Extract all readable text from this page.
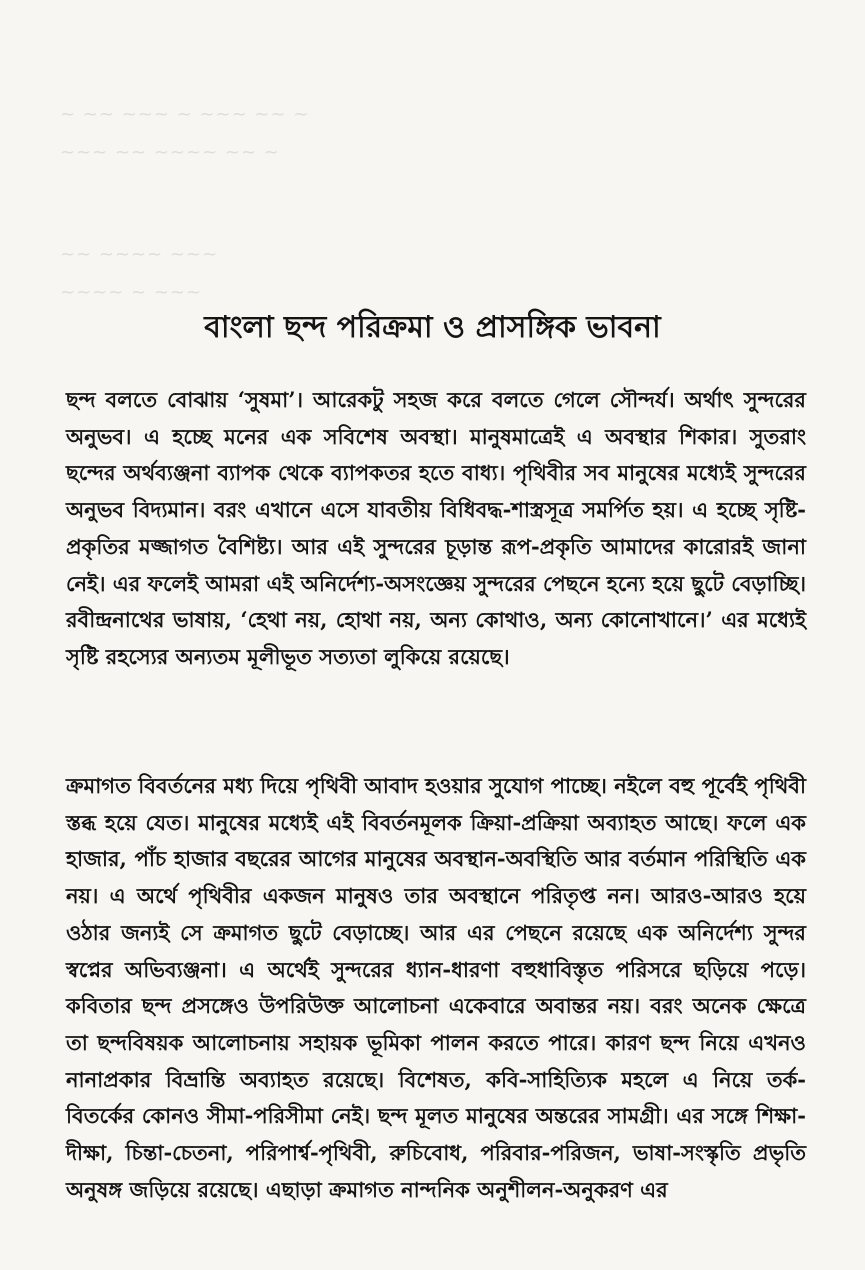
~ ~~ ~~~ ~ ~~~ ~~ ~
~~~ ~~ ~~~~ ~~ ~
~~ ~~~~ ~~~
~~~~ ~ ~~~
বাংলা ছন্দ পরিক্রমা ও প্রাসঙ্গিক ভাবনা

ছন্দ বলতে বোঝায় ‘সুষমা’। আরেকটু সহজ করে বলতে গেলে সৌন্দর্য। অর্থাৎ সুন্দরের অনুভব। এ হচ্ছে মনের এক সবিশেষ অবস্থা। মানুষমাত্রেই এ অবস্থার শিকার। সুতরাং ছন্দের অর্থব্যঞ্জনা ব্যাপক থেকে ব্যাপকতর হতে বাধ্য। পৃথিবীর সব মানুষের মধ্যেই সুন্দরের অনুভব বিদ্যমান। বরং এখানে এসে যাবতীয় বিধিবদ্ধ-শাস্ত্রসূত্র সমর্পিত হয়। এ হচ্ছে সৃষ্টি-প্রকৃতির মজ্জাগত বৈশিষ্ট্য। আর এই সুন্দরের চূড়ান্ত রূপ-প্রকৃতি আমাদের কারোরই জানা নেই। এর ফলেই আমরা এই অনির্দেশ্য-অসংজ্ঞেয় সুন্দরের পেছনে হন্যে হয়ে ছুটে বেড়াচ্ছি। রবীন্দ্রনাথের ভাষায়, ‘হেথা নয়, হোথা নয়, অন্য কোথাও, অন্য কোনোখানে।’ এর মধ্যেই সৃষ্টি রহস্যের অন্যতম মূলীভূত সত্যতা লুকিয়ে রয়েছে।

ক্রমাগত বিবর্তনের মধ্য দিয়ে পৃথিবী আবাদ হওয়ার সুযোগ পাচ্ছে। নইলে বহু পূর্বেই পৃথিবী স্তব্ধ হয়ে যেত। মানুষের মধ্যেই এই বিবর্তনমূলক ক্রিয়া-প্রক্রিয়া অব্যাহত আছে। ফলে এক হাজার, পাঁচ হাজার বছরের আগের মানুষের অবস্থান-অবস্থিতি আর বর্তমান পরিস্থিতি এক নয়। এ অর্থে পৃথিবীর একজন মানুষও তার অবস্থানে পরিতৃপ্ত নন। আরও-আরও হয়ে ওঠার জন্যই সে ক্রমাগত ছুটে বেড়াচ্ছে। আর এর পেছনে রয়েছে এক অনির্দেশ্য সুন্দর স্বপ্নের অভিব্যঞ্জনা। এ অর্থেই সুন্দরের ধ্যান-ধারণা বহুধাবিস্তৃত পরিসরে ছড়িয়ে পড়ে। কবিতার ছন্দ প্রসঙ্গেও উপরিউক্ত আলোচনা একেবারে অবান্তর নয়। বরং অনেক ক্ষেত্রে তা ছন্দবিষয়ক আলোচনায় সহায়ক ভূমিকা পালন করতে পারে। কারণ ছন্দ নিয়ে এখনও নানাপ্রকার বিভ্রান্তি অব্যাহত রয়েছে। বিশেষত, কবি-সাহিত্যিক মহলে এ নিয়ে তর্ক-বিতর্কের কোনও সীমা-পরিসীমা নেই। ছন্দ মূলত মানুষের অন্তরের সামগ্রী। এর সঙ্গে শিক্ষা-দীক্ষা, চিন্তা-চেতনা, পরিপার্শ্ব-পৃথিবী, রুচিবোধ, পরিবার-পরিজন, ভাষা-সংস্কৃতি প্রভৃতি অনুষঙ্গ জড়িয়ে রয়েছে। এছাড়া ক্রমাগত নান্দনিক অনুশীলন-অনুকরণ এর
